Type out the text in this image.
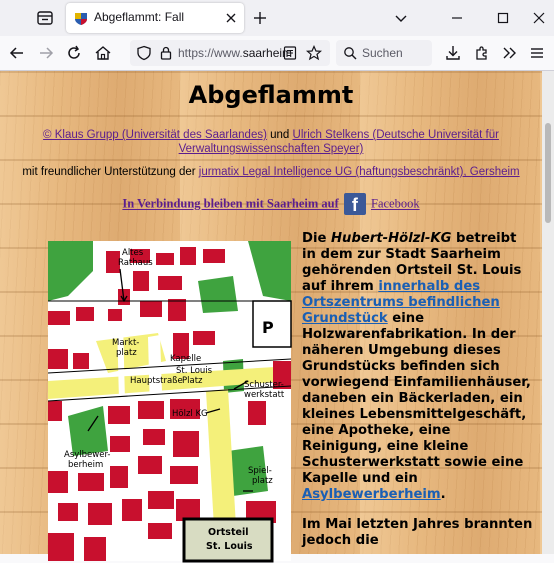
Abgeflammt: Fall
https://www.saarheim	Suchen
Abgeflammt
© Klaus Grupp (Universität des Saarlandes) und Ulrich Stelkens (Deutsche Universität für Verwaltungswissenschaften Speyer)
mit freundlicher Unterstützung der jurmatix Legal Intelligence UG (haftungsbeschränkt), Gersheim
In Verbindung bleiben mit Saarheim auf f Facebook
Altes
Rathaus
Markt-
platz
Kapelle
Hauptstraße
St. Louis
Platz	Schuster-
werkstatt
Hölzl KG
Asylbewer-
berheim
Spiel-
platz
P
Ortsteil
St. Louis

Die Hubert-Hölzl-KG betreibt in dem zur Stadt Saarheim gehörenden Ortsteil St. Louis auf ihrem innerhalb des Ortszentrums befindlichen Grundstück eine Holzwarenfabrikation. In der näheren Umgebung dieses Grundstücks befinden sich vorwiegend Einfamilienhäuser, daneben ein Bäckerladen, ein kleines Lebensmittelgeschäft, eine Apotheke, eine Reinigung, eine kleine Schusterwerkstatt sowie eine Kapelle und ein Asylbewerberheim.

Im Mai letzten Jahres brannten jedoch die
